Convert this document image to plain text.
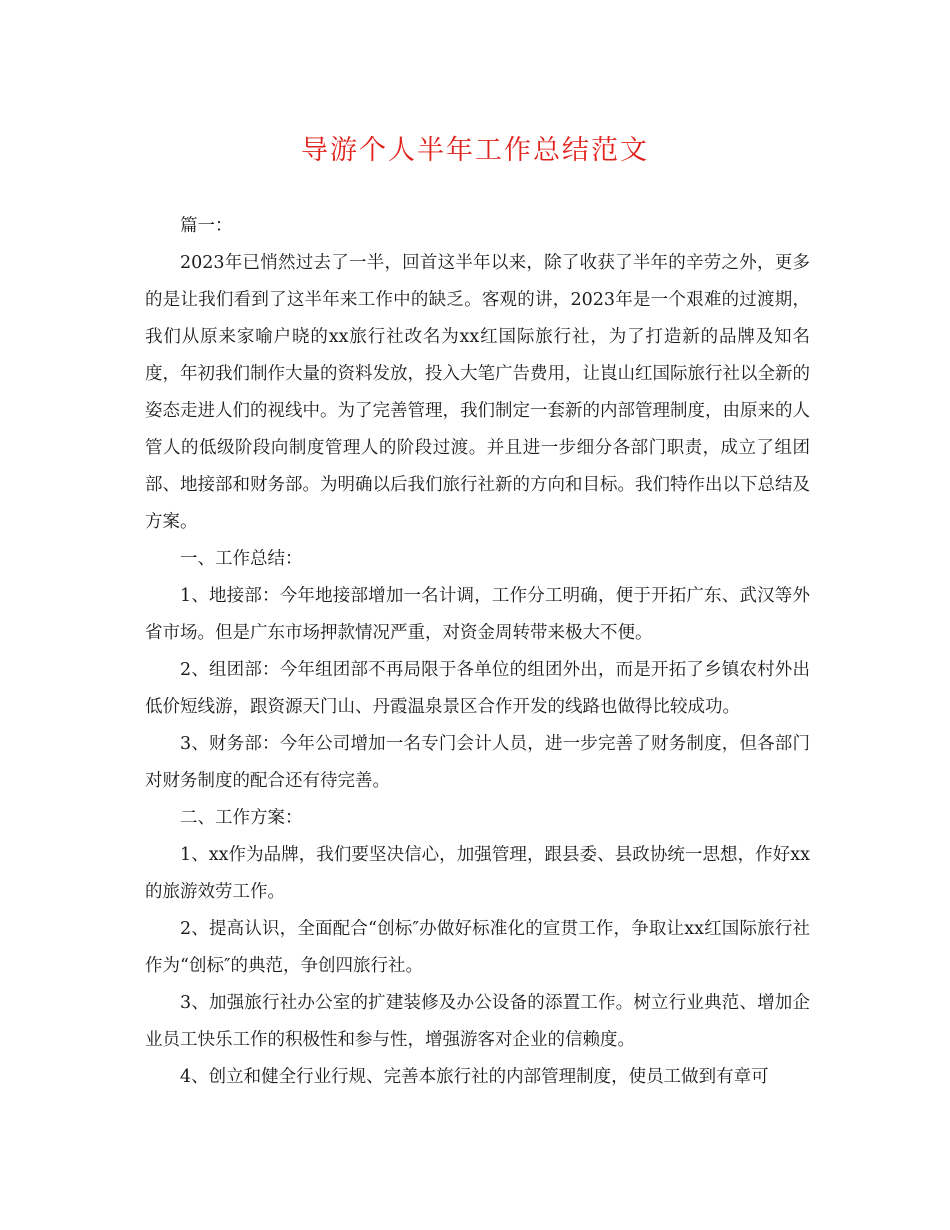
导游个人半年工作总结范文

篇一：

2023年已悄然过去了一半，回首这半年以来，除了收获了半年的辛劳之外，更多的是让我们看到了这半年来工作中的缺乏。客观的讲，2023年是一个艰难的过渡期，我们从原来家喻户晓的xx旅行社改名为xx红国际旅行社，为了打造新的品牌及知名度，年初我们制作大量的资料发放，投入大笔广告费用，让崀山红国际旅行社以全新的姿态走进人们的视线中。为了完善管理，我们制定一套新的内部管理制度，由原来的人管人的低级阶段向制度管理人的阶段过渡。并且进一步细分各部门职责，成立了组团部、地接部和财务部。为明确以后我们旅行社新的方向和目标。我们特作出以下总结及方案。

一、工作总结：

1、地接部：今年地接部增加一名计调，工作分工明确，便于开拓广东、武汉等外省市场。但是广东市场押款情况严重，对资金周转带来极大不便。

2、组团部：今年组团部不再局限于各单位的组团外出，而是开拓了乡镇农村外出低价短线游，跟资源天门山、丹霞温泉景区合作开发的线路也做得比较成功。

3、财务部：今年公司增加一名专门会计人员，进一步完善了财务制度，但各部门对财务制度的配合还有待完善。

二、工作方案：

1、xx作为品牌，我们要坚决信心，加强管理，跟县委、县政协统一思想，作好xx的旅游效劳工作。

2、提高认识，全面配合“创标″办做好标准化的宣贯工作，争取让xx红国际旅行社作为“创标″的典范，争创四旅行社。

3、加强旅行社办公室的扩建装修及办公设备的添置工作。树立行业典范、增加企业员工快乐工作的积极性和参与性，增强游客对企业的信赖度。

4、创立和健全行业行规、完善本旅行社的内部管理制度，使员工做到有章可
